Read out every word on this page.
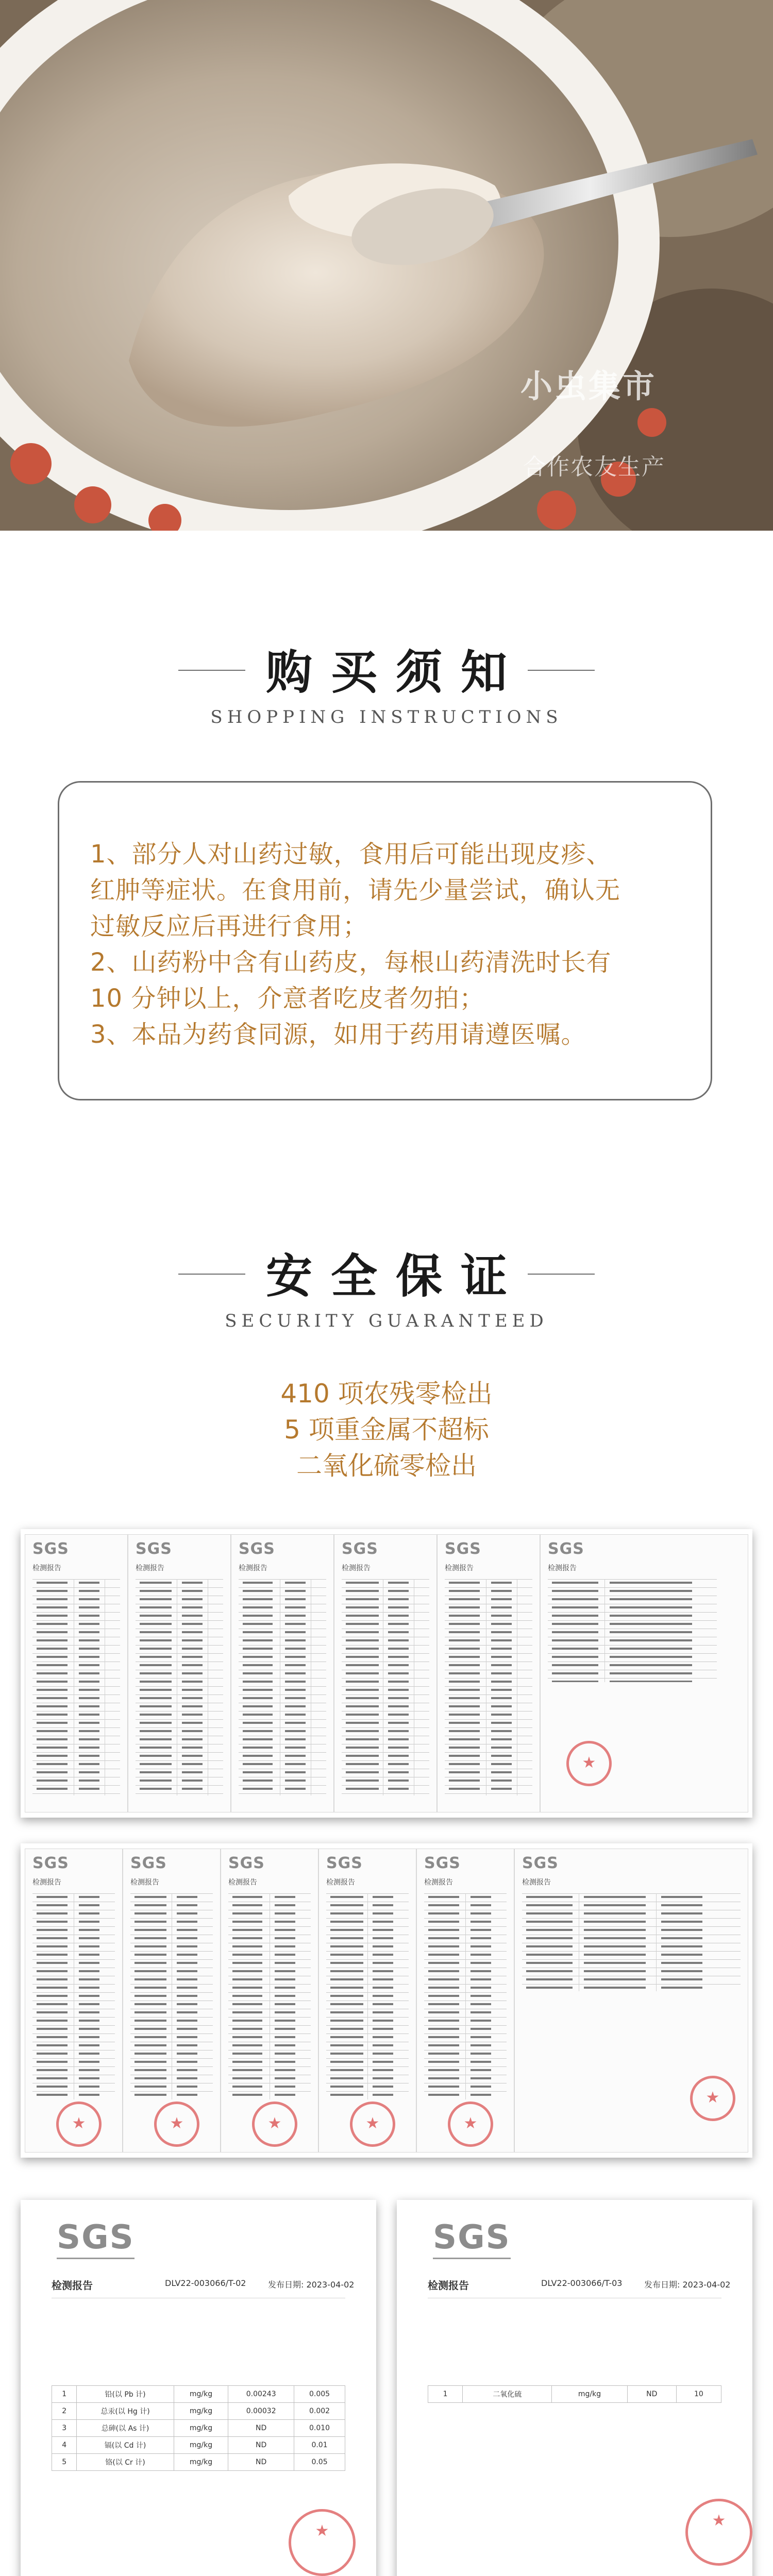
小虫集市
合作农友生产
购买须知
SHOPPING INSTRUCTIONS

1、部分人对山药过敏，食用后可能出现皮疹、

红肿等症状。在食用前，请先少量尝试，确认无

过敏反应后再进行食用；

2、山药粉中含有山药皮，每根山药清洗时长有

10 分钟以上，介意者吃皮者勿拍；

3、本品为药食同源，如用于药用请遵医嘱。

安全保证
SECURITY GUARANTEED
410 项农残零检出
5 项重金属不超标
二氧化硫零检出
SGS
检测报告
SGS
检测报告
SGS
检测报告
SGS
检测报告
SGS
检测报告
SGS
检测报告
★
SGS
检测报告
★
SGS
检测报告
★
SGS
检测报告
★
SGS
检测报告
★
SGS
检测报告
★
SGS
检测报告
★
SGS
检测报告	DLV22-003066/T-02	发布日期: 2023-04-02
1	铅(以 Pb 计)	mg/kg	0.00243	0.005
2	总汞(以 Hg 计)	mg/kg	0.00032	0.002
3	总砷(以 As 计)	mg/kg	ND	0.010
4	镉(以 Cd 计)	mg/kg	ND	0.01
5	铬(以 Cr 计)	mg/kg	ND	0.05
★
SGS
检测报告	DLV22-003066/T-03	发布日期: 2023-04-02
1	二氧化硫	mg/kg	ND	10
★
